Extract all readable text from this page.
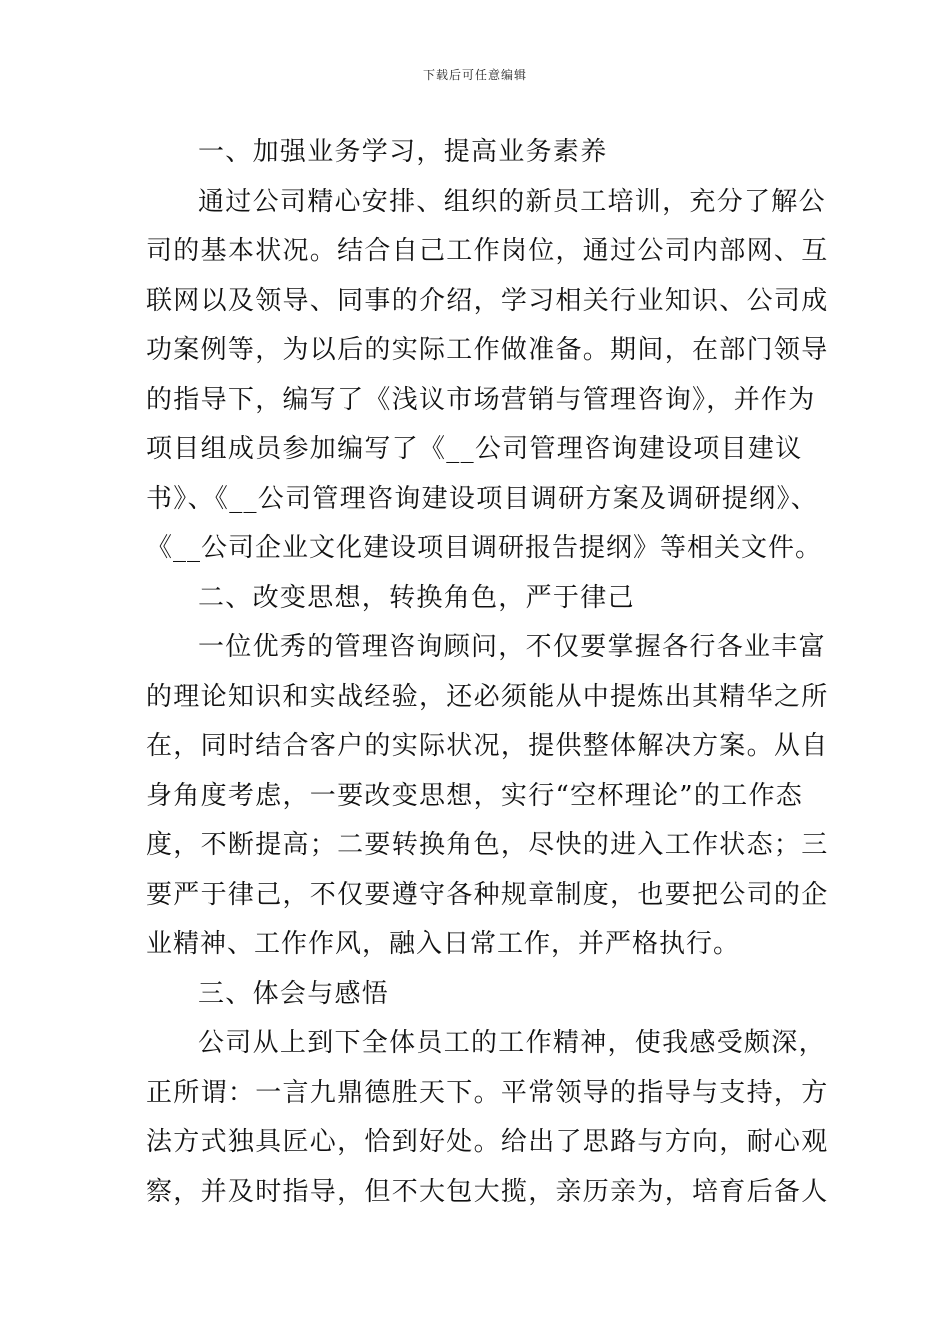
下载后可任意编辑
一、加强业务学习，提高业务素养
通过公司精心安排、组织的新员工培训，充分了解公
司的基本状况。结合自己工作岗位，通过公司内部网、互
联网以及领导、同事的介绍，学习相关行业知识、公司成
功案例等，为以后的实际工作做准备。期间，在部门领导
的指导下，编写了《浅议市场营销与管理咨询》，并作为
项目组成员参加编写了《__公司管理咨询建设项目建议
书》、《__公司管理咨询建设项目调研方案及调研提纲》、
《__公司企业文化建设项目调研报告提纲》等相关文件。
二、改变思想，转换角色，严于律己
一位优秀的管理咨询顾问，不仅要掌握各行各业丰富
的理论知识和实战经验，还必须能从中提炼出其精华之所
在，同时结合客户的实际状况，提供整体解决方案。从自
身角度考虑，一要改变思想，实行“空杯理论”的工作态
度，不断提高；二要转换角色，尽快的进入工作状态；三
要严于律己，不仅要遵守各种规章制度，也要把公司的企
业精神、工作作风，融入日常工作，并严格执行。
三、体会与感悟
公司从上到下全体员工的工作精神，使我感受颇深，
正所谓：一言九鼎德胜天下。平常领导的指导与支持，方
法方式独具匠心，恰到好处。给出了思路与方向，耐心观
察，并及时指导，但不大包大揽，亲历亲为，培育后备人
